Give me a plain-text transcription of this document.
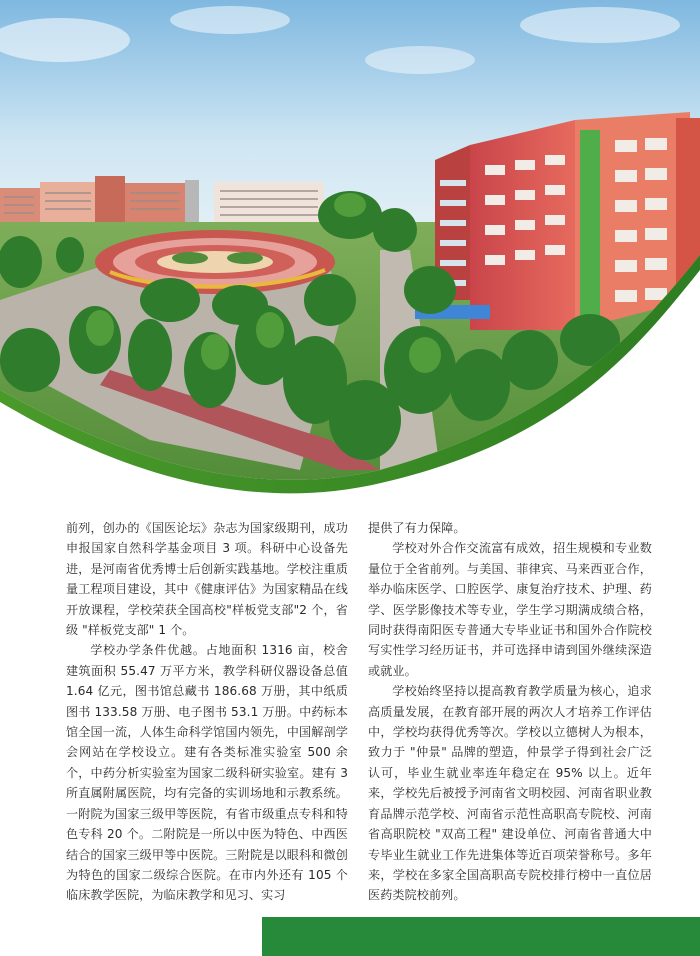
前列，创办的《国医论坛》杂志为国家级期刊，成功申报国家自然科学基金项目 3 项。科研中心设备先进，是河南省优秀博士后创新实践基地。学校注重质量工程项目建设，其中《健康评估》为国家精品在线开放课程，学校荣获全国高校"样板党支部"2 个，省级 "样板党支部" 1 个。

学校办学条件优越。占地面积 1316 亩，校舍建筑面积 55.47 万平方米，教学科研仪器设备总值 1.64 亿元，图书馆总藏书 186.68 万册，其中纸质图书 133.58 万册、电子图书 53.1 万册。中药标本馆全国一流，人体生命科学馆国内领先，中国解剖学会网站在学校设立。建有各类标准实验室 500 余个，中药分析实验室为国家二级科研实验室。建有 3 所直属附属医院，均有完备的实训场地和示教系统。一附院为国家三级甲等医院，有省市级重点专科和特色专科 20 个。二附院是一所以中医为特色、中西医结合的国家三级甲等中医院。三附院是以眼科和微创为特色的国家二级综合医院。在市内外还有 105 个临床教学医院，为临床教学和见习、实习

提供了有力保障。

学校对外合作交流富有成效，招生规模和专业数量位于全省前列。与美国、菲律宾、马来西亚合作，举办临床医学、口腔医学、康复治疗技术、护理、药学、医学影像技术等专业，学生学习期满成绩合格，同时获得南阳医专普通大专毕业证书和国外合作院校写实性学习经历证书，并可选择申请到国外继续深造或就业。

学校始终坚持以提高教育教学质量为核心，追求高质量发展，在教育部开展的两次人才培养工作评估中，学校均获得优秀等次。学校以立德树人为根本，致力于 "仲景" 品牌的塑造，仲景学子得到社会广泛认可，毕业生就业率连年稳定在 95% 以上。近年来，学校先后被授予河南省文明校园、河南省职业教育品牌示范学校、河南省示范性高职高专院校、河南省高职院校 "双高工程" 建设单位、河南省普通大中专毕业生就业工作先进集体等近百项荣誉称号。多年来，学校在多家全国高职高专院校排行榜中一直位居医药类院校前列。
